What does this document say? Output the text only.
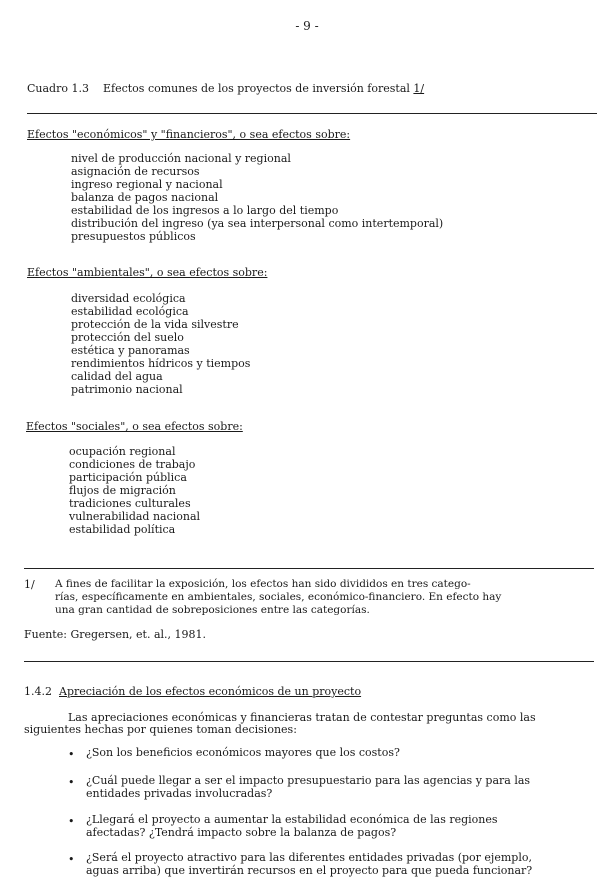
- 9 -
Cuadro 1.3 Efectos comunes de los proyectos de inversión forestal 1/
Efectos "económicos" y "financieros", o sea efectos sobre:
nivel de producción nacional y regional
asignación de recursos
ingreso regional y nacional
balanza de pagos nacional
estabilidad de los ingresos a lo largo del tiempo
distribución del ingreso (ya sea interpersonal como intertemporal)
presupuestos públicos
Efectos "ambientales", o sea efectos sobre:
diversidad ecológica
estabilidad ecológica
protección de la vida silvestre
protección del suelo
estética y panoramas
rendimientos hídricos y tiempos
calidad del agua
patrimonio nacional
Efectos "sociales", o sea efectos sobre:
ocupación regional
condiciones de trabajo
participación pública
flujos de migración
tradiciones culturales
vulnerabilidad nacional
estabilidad política
1/ A fines de facilitar la exposición, los efectos han sido divididos en tres catego-
rías, específicamente en ambientales, sociales, económico-financiero. En efecto hay
una gran cantidad de sobreposiciones entre las categorías.
Fuente: Gregersen, et. al., 1981.
1.4.2 Apreciación de los efectos económicos de un proyecto
Las apreciaciones económicas y financieras tratan de contestar preguntas como las
siguientes hechas por quienes toman decisiones:
• ¿Son los beneficios económicos mayores que los costos?
• ¿Cuál puede llegar a ser el impacto presupuestario para las agencias y para las
entidades privadas involucradas?
• ¿Llegará el proyecto a aumentar la estabilidad económica de las regiones
afectadas? ¿Tendrá impacto sobre la balanza de pagos?
• ¿Será el proyecto atractivo para las diferentes entidades privadas (por ejemplo,
aguas arriba) que invertirán recursos en el proyecto para que pueda funcionar?
